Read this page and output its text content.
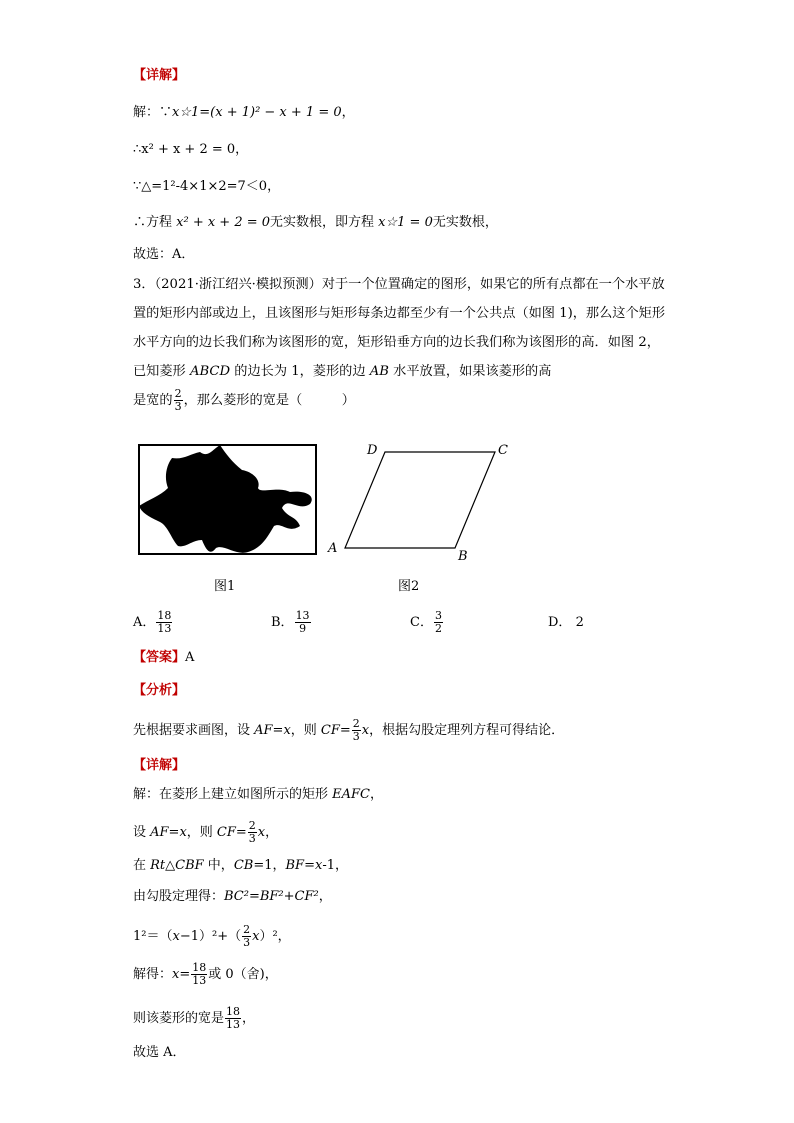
【详解】
解：∵x☆1=(x + 1)² − x + 1 = 0，
∴x² + x + 2 = 0，
∵△=1²-4×1×2=7＜0，
∴方程 x² + x + 2 = 0无实数根，即方程 x☆1 = 0无实数根，
故选：A．
3．（2021·浙江绍兴·模拟预测）对于一个位置确定的图形，如果它的所有点都在一个水平放置的矩形内部或边上，且该图形与矩形每条边都至少有一个公共点（如图 1)，那么这个矩形水平方向的边长我们称为该图形的宽，矩形铅垂方向的边长我们称为该图形的高．如图 2，已知菱形 ABCD 的边长为 1，菱形的边 AB 水平放置，如果该菱形的高
是宽的 $\frac{2}{3}$ ，那么菱形的宽是（　　　）
A
B
C
D
图1	图2
A． $\frac{18}{13}$	B． $\frac{13}{9}$	C． $\frac{3}{2}$	D． 2
【答案】A
【分析】
先根据要求画图，设 AF=x，则 $CF= \frac{2}{3}$ x，根据勾股定理列方程可得结论．
【详解】
解：在菱形上建立如图所示的矩形 EAFC，
设 AF=x，则 $CF= \frac{2}{3}$ x，
在 Rt△CBF 中，CB=1，BF=x-1，
由勾股定理得：BC²=BF²+CF²，
$1^2=(x-1)^2+( \frac{2}{3} x)^2$，
解得：$x= \frac{18}{13}$ 或 0（舍)，
则该菱形的宽是 $\frac{18}{13}$ ，
故选 A．
